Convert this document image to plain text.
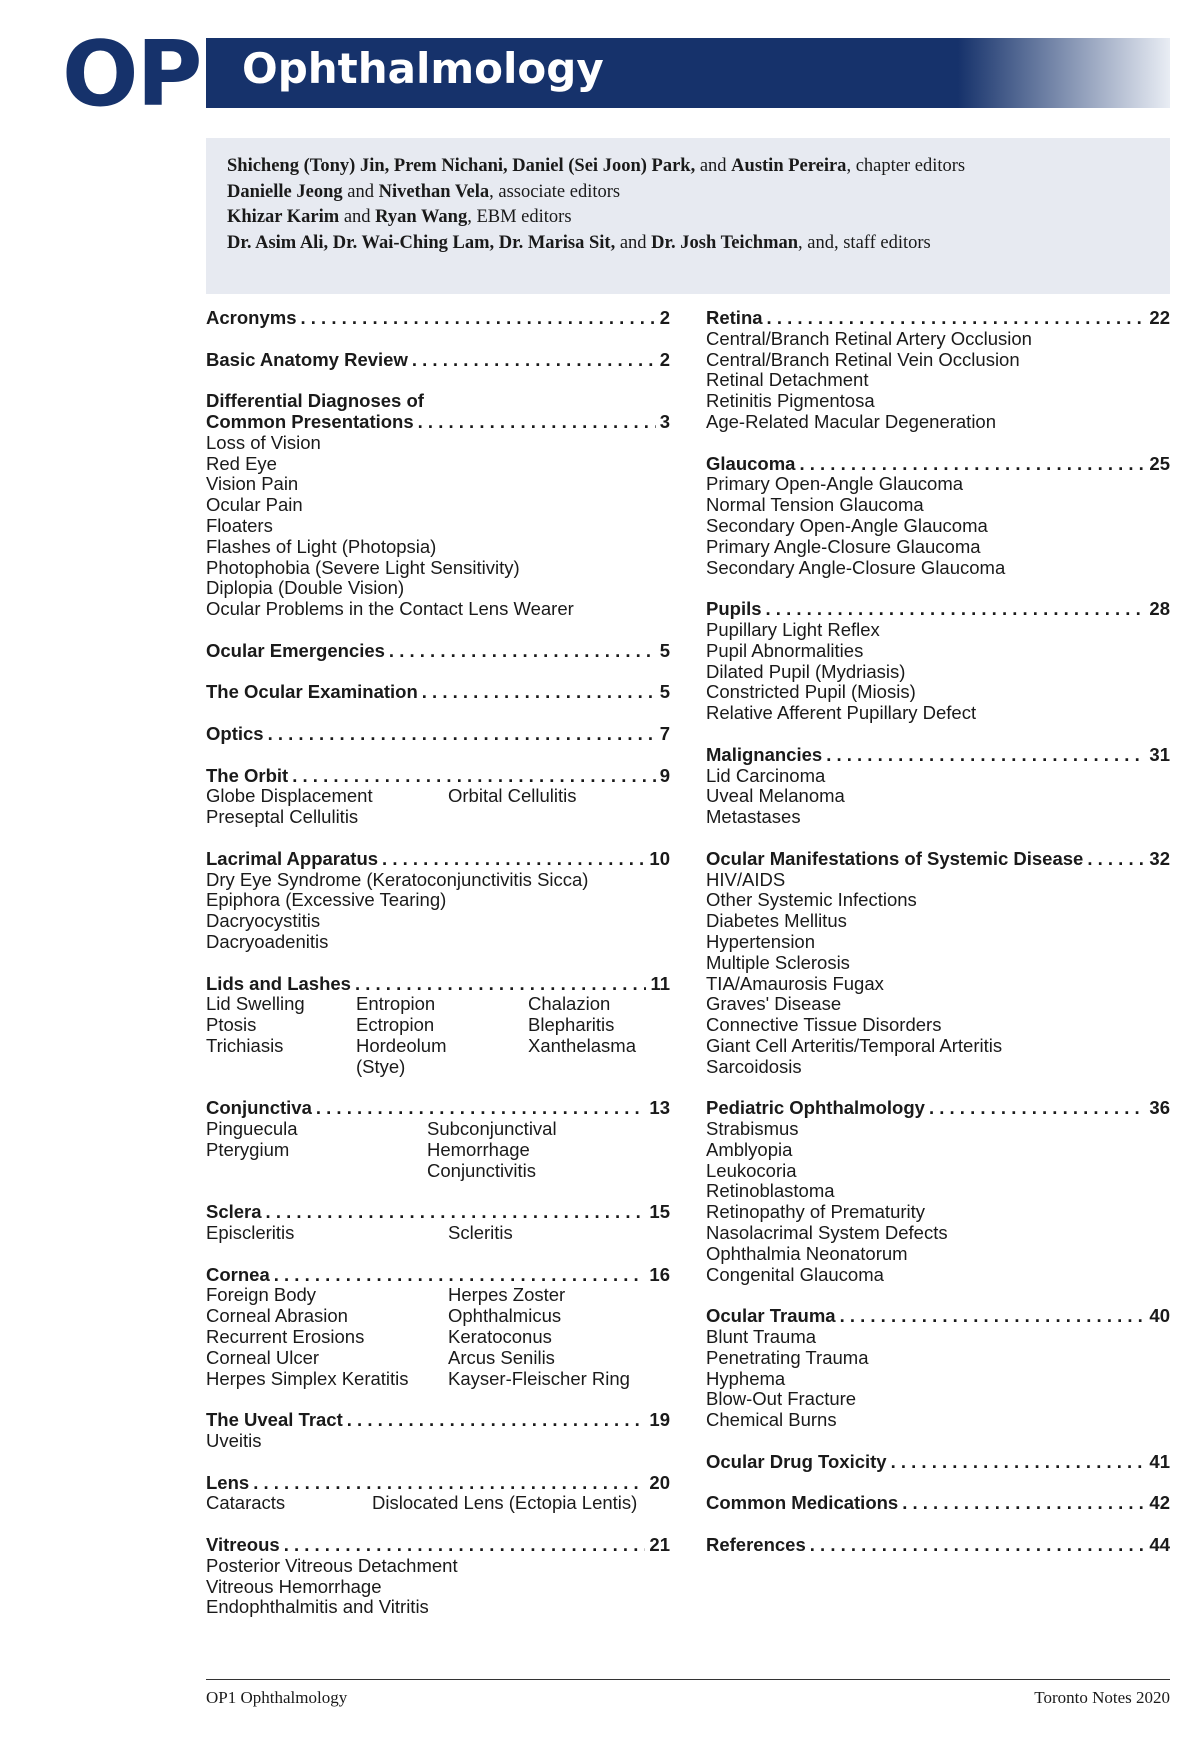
OP Ophthalmology
Shicheng (Tony) Jin, Prem Nichani, Daniel (Sei Joon) Park, and Austin Pereira, chapter editors
Danielle Jeong and Nivethan Vela, associate editors
Khizar Karim and Ryan Wang, EBM editors
Dr. Asim Ali, Dr. Wai-Ching Lam, Dr. Marisa Sit, and Dr. Josh Teichman, and, staff editors
Acronyms . . .	2
Basic Anatomy Review . . .	2
Differential Diagnoses of
Common Presentations . . .	3
Loss of Vision
Red Eye
Vision Pain
Ocular Pain
Floaters
Flashes of Light (Photopsia)
Photophobia (Severe Light Sensitivity)
Diplopia (Double Vision)
Ocular Problems in the Contact Lens Wearer
Ocular Emergencies . . .	5
The Ocular Examination . . .	5
Optics . . .	7
The Orbit . . .	9
Globe Displacement	Orbital Cellulitis
Preseptal Cellulitis
Lacrimal Apparatus . . .	10
Dry Eye Syndrome (Keratoconjunctivitis Sicca)
Epiphora (Excessive Tearing)
Dacryocystitis
Dacryoadenitis
Lids and Lashes . . .	11
Lid Swelling	Entropion	Chalazion
Ptosis	Ectropion	Blepharitis
Trichiasis	Hordeolum	Xanthelasma
(Stye)
Conjunctiva . . .	13
Pinguecula	Subconjunctival
Pterygium	Hemorrhage
Conjunctivitis
Sclera . . .	15
Episcleritis	Scleritis
Cornea . . .	16
Foreign Body	Herpes Zoster
Corneal Abrasion	Ophthalmicus
Recurrent Erosions	Keratoconus
Corneal Ulcer	Arcus Senilis
Herpes Simplex Keratitis	Kayser-Fleischer Ring
The Uveal Tract . . .	19
Uveitis
Lens . . .	20
Cataracts	Dislocated Lens (Ectopia Lentis)
Vitreous . . .	21
Posterior Vitreous Detachment
Vitreous Hemorrhage
Endophthalmitis and Vitritis
Retina . . .	22
Central/Branch Retinal Artery Occlusion
Central/Branch Retinal Vein Occlusion
Retinal Detachment
Retinitis Pigmentosa
Age-Related Macular Degeneration
Glaucoma . . .	25
Primary Open-Angle Glaucoma
Normal Tension Glaucoma
Secondary Open-Angle Glaucoma
Primary Angle-Closure Glaucoma
Secondary Angle-Closure Glaucoma
Pupils . . .	28
Pupillary Light Reflex
Pupil Abnormalities
Dilated Pupil (Mydriasis)
Constricted Pupil (Miosis)
Relative Afferent Pupillary Defect
Malignancies . . .	31
Lid Carcinoma
Uveal Melanoma
Metastases
Ocular Manifestations of Systemic Disease . . .	32
HIV/AIDS
Other Systemic Infections
Diabetes Mellitus
Hypertension
Multiple Sclerosis
TIA/Amaurosis Fugax
Graves' Disease
Connective Tissue Disorders
Giant Cell Arteritis/Temporal Arteritis
Sarcoidosis
Pediatric Ophthalmology . . .	36
Strabismus
Amblyopia
Leukocoria
Retinoblastoma
Retinopathy of Prematurity
Nasolacrimal System Defects
Ophthalmia Neonatorum
Congenital Glaucoma
Ocular Trauma . . .	40
Blunt Trauma
Penetrating Trauma
Hyphema
Blow-Out Fracture
Chemical Burns
Ocular Drug Toxicity . . .	41
Common Medications . . .	42
References . . .	44
OP1 Ophthalmology	Toronto Notes 2020
